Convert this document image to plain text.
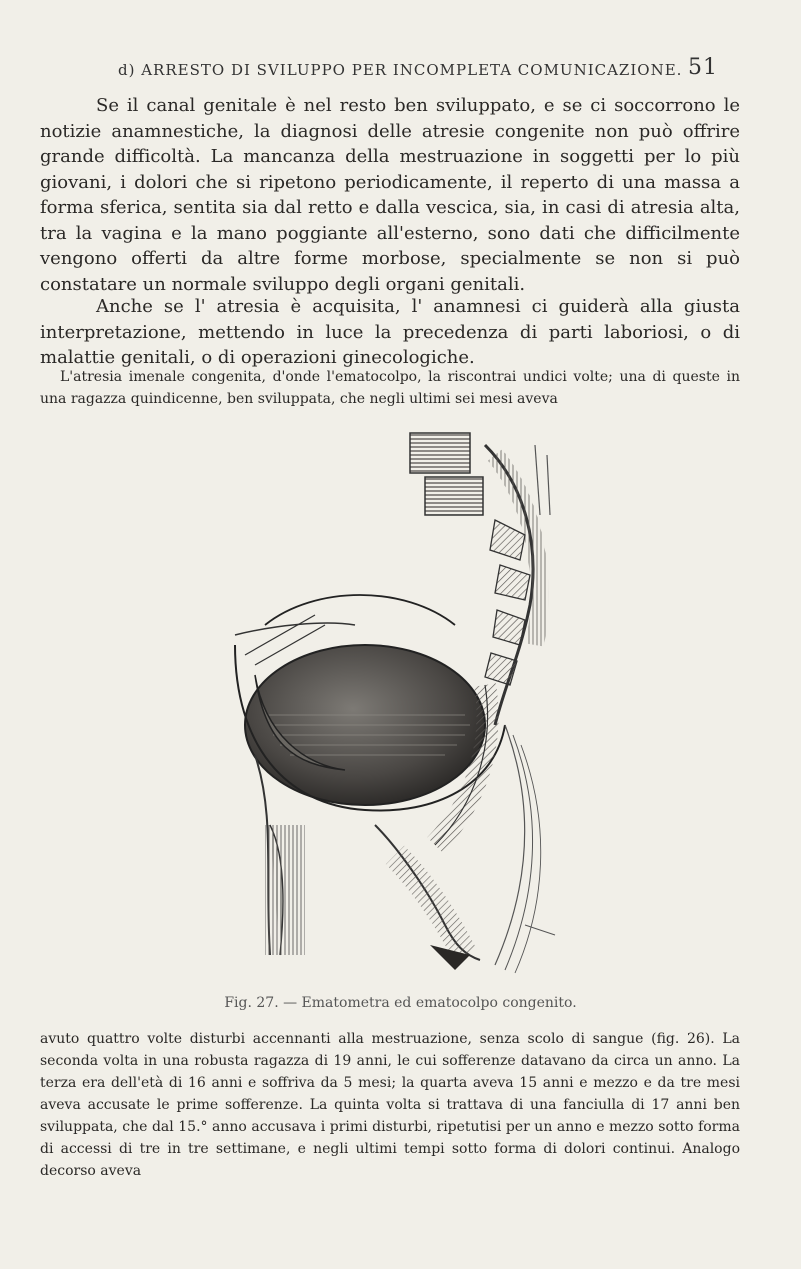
d) ARRESTO DI SVILUPPO PER INCOMPLETA COMUNICAZIONE. 51

Se il canal genitale è nel resto ben sviluppato, e se ci soccorrono le notizie anamnestiche, la diagnosi delle atresie congenite non può offrire grande difficoltà. La mancanza della mestruazione in soggetti per lo più giovani, i dolori che si ripetono periodicamente, il reperto di una massa a forma sferica, sentita sia dal retto e dalla vescica, sia, in casi di atresia alta, tra la vagina e la mano poggiante all'esterno, sono dati che difficilmente vengono offerti da altre forme morbose, specialmente se non si può constatare un normale sviluppo degli organi genitali.

Anche se l' atresia è acquisita, l' anamnesi ci guiderà alla giusta interpretazione, mettendo in luce la precedenza di parti laboriosi, o di malattie genitali, o di operazioni ginecologiche.

L'atresia imenale congenita, d'onde l'ematocolpo, la riscontrai undici volte; una di queste in una ragazza quindicenne, ben sviluppata, che negli ultimi sei mesi aveva

Fig. 27. — Ematometra ed ematocolpo congenito.

avuto quattro volte disturbi accennanti alla mestruazione, senza scolo di sangue (fig. 26). La seconda volta in una robusta ragazza di 19 anni, le cui sofferenze datavano da circa un anno. La terza era dell'età di 16 anni e soffriva da 5 mesi; la quarta aveva 15 anni e mezzo e da tre mesi aveva accusate le prime sofferenze. La quinta volta si trattava di una fanciulla di 17 anni ben sviluppata, che dal 15.° anno accusava i primi disturbi, ripetutisi per un anno e mezzo sotto forma di accessi di tre in tre settimane, e negli ultimi tempi sotto forma di dolori continui. Analogo decorso aveva
